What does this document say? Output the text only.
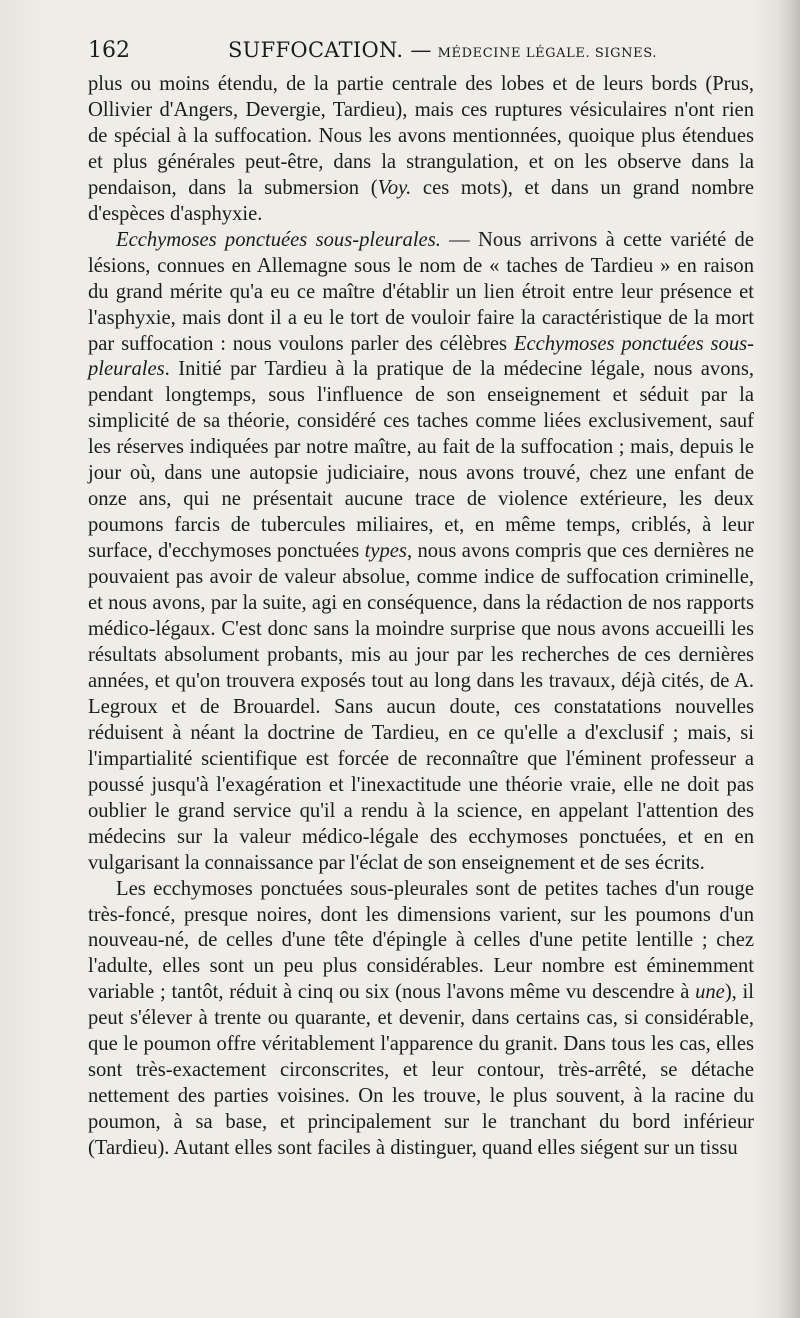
162	SUFFOCATION. — MÉDECINE LÉGALE. SIGNES.

plus ou moins étendu, de la partie centrale des lobes et de leurs bords (Prus, Ollivier d'Angers, Devergie, Tardieu), mais ces ruptures vésiculaires n'ont rien de spécial à la suffocation. Nous les avons mentionnées, quoique plus étendues et plus générales peut-être, dans la strangulation, et on les observe dans la pendaison, dans la submersion (Voy. ces mots), et dans un grand nombre d'espèces d'asphyxie.

Ecchymoses ponctuées sous-pleurales. — Nous arrivons à cette variété de lésions, connues en Allemagne sous le nom de « taches de Tardieu » en raison du grand mérite qu'a eu ce maître d'établir un lien étroit entre leur présence et l'asphyxie, mais dont il a eu le tort de vouloir faire la caractéristique de la mort par suffocation : nous voulons parler des célèbres Ecchymoses ponctuées sous-pleurales. Initié par Tardieu à la pratique de la médecine légale, nous avons, pendant longtemps, sous l'influence de son enseignement et séduit par la simplicité de sa théorie, considéré ces taches comme liées exclusivement, sauf les réserves indiquées par notre maître, au fait de la suffocation ; mais, depuis le jour où, dans une autopsie judiciaire, nous avons trouvé, chez une enfant de onze ans, qui ne présentait aucune trace de violence extérieure, les deux poumons farcis de tubercules miliaires, et, en même temps, criblés, à leur surface, d'ecchymoses ponctuées types, nous avons compris que ces dernières ne pouvaient pas avoir de valeur absolue, comme indice de suffocation criminelle, et nous avons, par la suite, agi en conséquence, dans la rédaction de nos rapports médico-légaux. C'est donc sans la moindre surprise que nous avons accueilli les résultats absolument probants, mis au jour par les recherches de ces dernières années, et qu'on trouvera exposés tout au long dans les travaux, déjà cités, de A. Legroux et de Brouardel. Sans aucun doute, ces constatations nouvelles réduisent à néant la doctrine de Tardieu, en ce qu'elle a d'exclusif ; mais, si l'impartialité scientifique est forcée de reconnaître que l'éminent professeur a poussé jusqu'à l'exagération et l'inexactitude une théorie vraie, elle ne doit pas oublier le grand service qu'il a rendu à la science, en appelant l'attention des médecins sur la valeur médico-légale des ecchymoses ponctuées, et en en vulgarisant la connaissance par l'éclat de son enseignement et de ses écrits.

Les ecchymoses ponctuées sous-pleurales sont de petites taches d'un rouge très-foncé, presque noires, dont les dimensions varient, sur les poumons d'un nouveau-né, de celles d'une tête d'épingle à celles d'une petite lentille ; chez l'adulte, elles sont un peu plus considérables. Leur nombre est éminemment variable ; tantôt, réduit à cinq ou six (nous l'avons même vu descendre à une), il peut s'élever à trente ou quarante, et devenir, dans certains cas, si considérable, que le poumon offre véritablement l'apparence du granit. Dans tous les cas, elles sont très-exactement circonscrites, et leur contour, très-arrêté, se détache nettement des parties voisines. On les trouve, le plus souvent, à la racine du poumon, à sa base, et principalement sur le tranchant du bord inférieur (Tardieu). Autant elles sont faciles à distinguer, quand elles siégent sur un tissu
